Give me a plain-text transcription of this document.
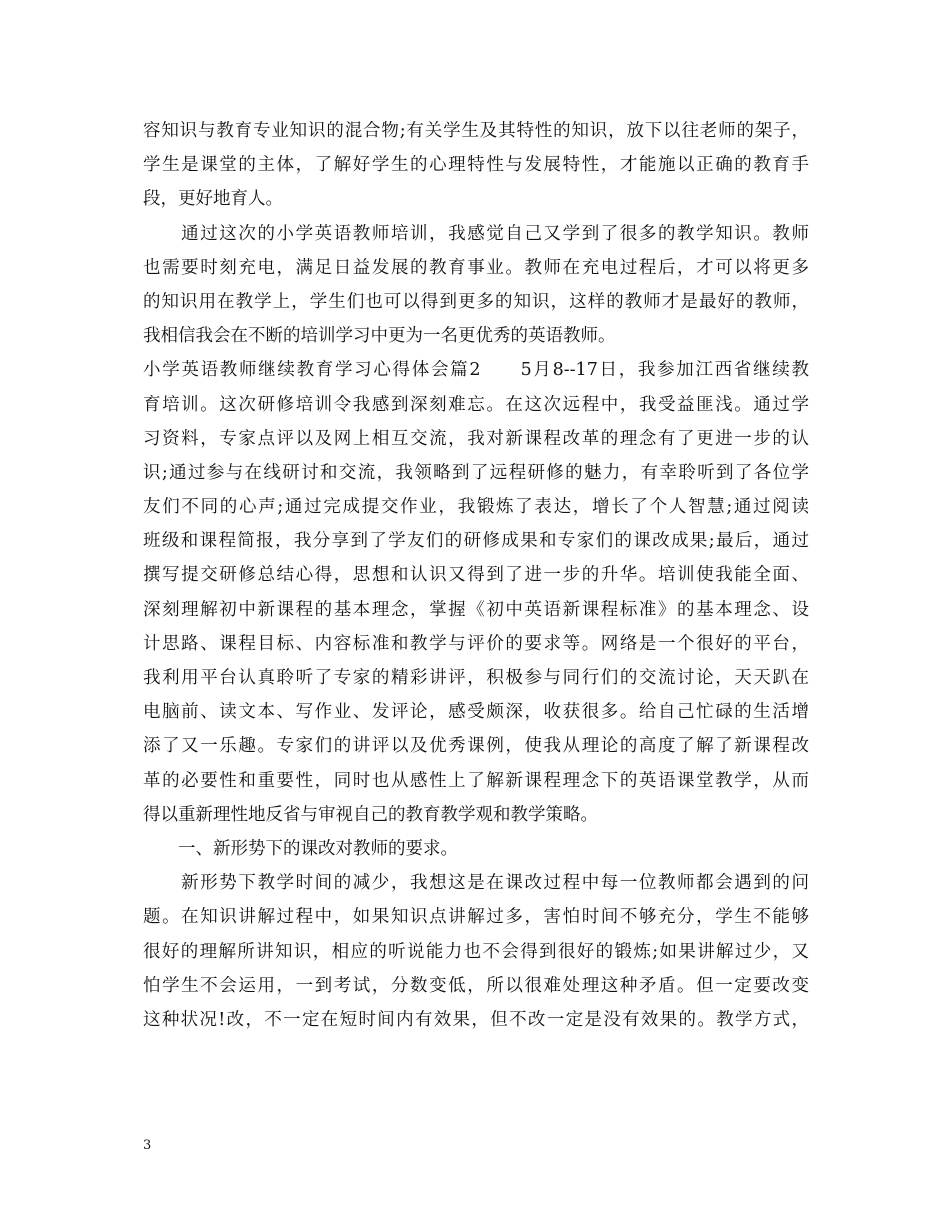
容知识与教育专业知识的混合物;有关学生及其特性的知识，放下以往老师的架子，
学生是课堂的主体，了解好学生的心理特性与发展特性，才能施以正确的教育手
段，更好地育人。
　　通过这次的小学英语教师培训，我感觉自己又学到了很多的教学知识。教师
也需要时刻充电，满足日益发展的教育事业。教师在充电过程后，才可以将更多
的知识用在教学上，学生们也可以得到更多的知识，这样的教师才是最好的教师，
我相信我会在不断的培训学习中更为一名更优秀的英语教师。
小学英语教师继续教育学习心得体会篇2　　5月8--17日，我参加江西省继续教
育培训。这次研修培训令我感到深刻难忘。在这次远程中，我受益匪浅。通过学
习资料，专家点评以及网上相互交流，我对新课程改革的理念有了更进一步的认
识;通过参与在线研讨和交流，我领略到了远程研修的魅力，有幸聆听到了各位学
友们不同的心声;通过完成提交作业，我锻炼了表达，增长了个人智慧;通过阅读
班级和课程简报，我分享到了学友们的研修成果和专家们的课改成果;最后，通过
撰写提交研修总结心得，思想和认识又得到了进一步的升华。培训使我能全面、
深刻理解初中新课程的基本理念，掌握《初中英语新课程标准》的基本理念、设
计思路、课程目标、内容标准和教学与评价的要求等。网络是一个很好的平台，
我利用平台认真聆听了专家的精彩讲评，积极参与同行们的交流讨论，天天趴在
电脑前、读文本、写作业、发评论，感受颇深，收获很多。给自己忙碌的生活增
添了又一乐趣。专家们的讲评以及优秀课例，使我从理论的高度了解了新课程改
革的必要性和重要性，同时也从感性上了解新课程理念下的英语课堂教学，从而
得以重新理性地反省与审视自己的教育教学观和教学策略。
　　一、新形势下的课改对教师的要求。
　　新形势下教学时间的减少，我想这是在课改过程中每一位教师都会遇到的问
题。在知识讲解过程中，如果知识点讲解过多，害怕时间不够充分，学生不能够
很好的理解所讲知识，相应的听说能力也不会得到很好的锻炼;如果讲解过少，又
怕学生不会运用，一到考试，分数变低，所以很难处理这种矛盾。但一定要改变
这种状况!改，不一定在短时间内有效果，但不改一定是没有效果的。教学方式，
3
